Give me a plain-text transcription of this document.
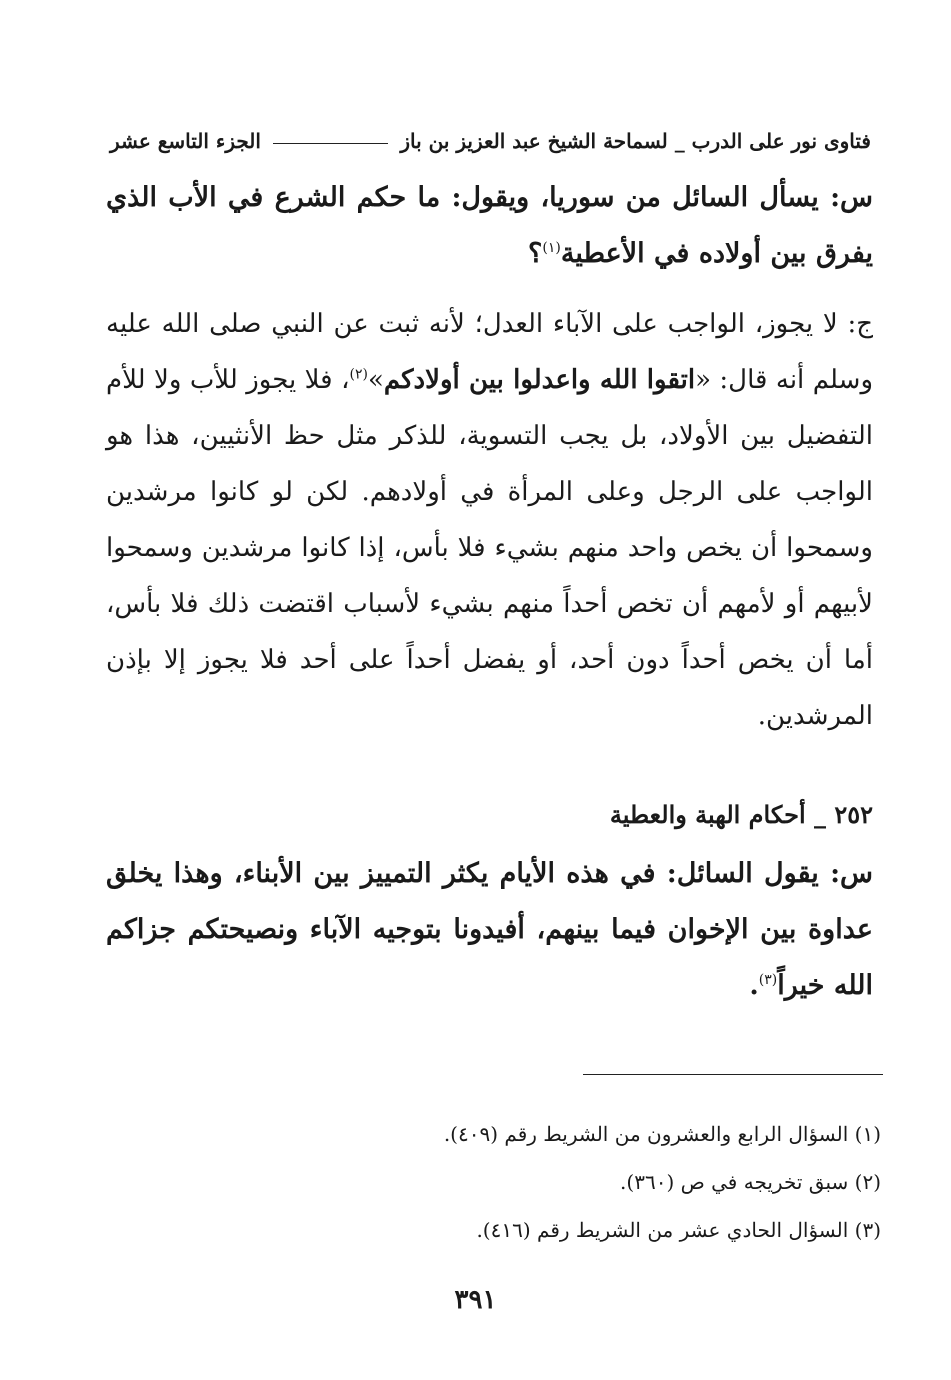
فتاوى نور على الدرب _ لسماحة الشيخ عبد العزيز بن باز
الجزء التاسع عشر
س: يسأل السائل من سوريا، ويقول: ما حكم الشرع في الأب الذي يفرق بين أولاده في الأعطية$^{(١)}$؟
ج: لا يجوز، الواجب على الآباء العدل؛ لأنه ثبت عن النبي صلى الله عليه وسلم أنه قال: «اتقوا الله واعدلوا بين أولادكم»$^{(٢)}$، فلا يجوز للأب ولا للأم التفضيل بين الأولاد، بل يجب التسوية، للذكر مثل حظ الأنثيين، هذا هو الواجب على الرجل وعلى المرأة في أولادهم. لكن لو كانوا مرشدين وسمحوا أن يخص واحد منهم بشيء فلا بأس، إذا كانوا مرشدين وسمحوا لأبيهم أو لأمهم أن تخص أحداً منهم بشيء لأسباب اقتضت ذلك فلا بأس، أما أن يخص أحداً دون أحد، أو يفضل أحداً على أحد فلا يجوز إلا بإذن المرشدين.
٢٥٢ _ أحكام الهبة والعطية
س: يقول السائل: في هذه الأيام يكثر التمييز بين الأبناء، وهذا يخلق عداوة بين الإخوان فيما بينهم، أفيدونا بتوجيه الآباء ونصيحتكم جزاكم الله خيراً$^{(٣)}$.
(١) السؤال الرابع والعشرون من الشريط رقم (٤٠٩).
(٢) سبق تخريجه في ص (٣٦٠).
(٣) السؤال الحادي عشر من الشريط رقم (٤١٦).
٣٩١
